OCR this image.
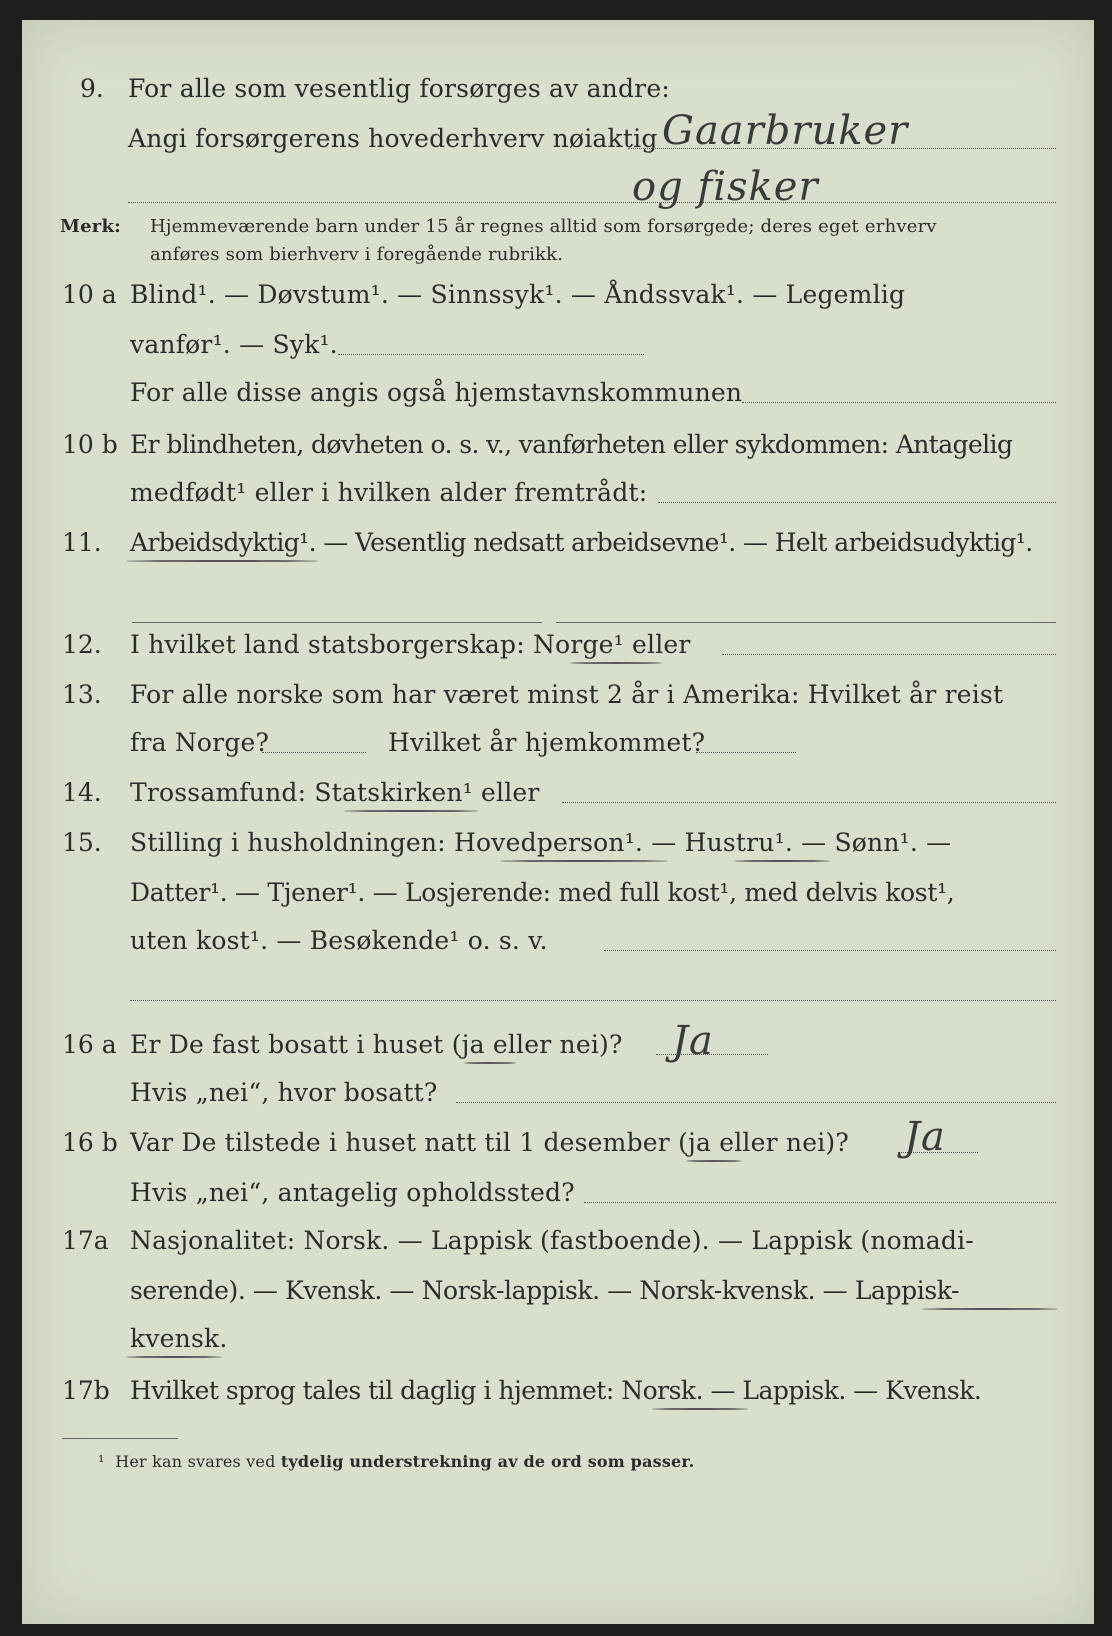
9. For alle som vesentlig forsørges av andre:
Angi forsørgerens hovederhverv nøiaktig Gaarbruker
og fisker
Merk: Hjemmeværende barn under 15 år regnes alltid som forsørgede; deres eget erhverv
anføres som bierhverv i foregående rubrikk.
10 a Blind¹. — Døvstum¹. — Sinnssyk¹. — Åndssvak¹. — Legemlig
vanfør¹. — Syk¹.
For alle disse angis også hjemstavnskommunen
10 b Er blindheten, døvheten o. s. v., vanførheten eller sykdommen: Antagelig
medfødt¹ eller i hvilken alder fremtrådt:
11. Arbeidsdyktig¹. — Vesentlig nedsatt arbeidsevne¹. — Helt arbeidsudyktig¹.
12. I hvilket land statsborgerskap: Norge¹ eller
13. For alle norske som har været minst 2 år i Amerika: Hvilket år reist
fra Norge?	Hvilket år hjemkommet?
14. Trossamfund: Statskirken¹ eller
15. Stilling i husholdningen: Hovedperson¹. — Hustru¹. — Sønn¹. —
Datter¹. — Tjener¹. — Losjerende: med full kost¹, med delvis kost¹,
uten kost¹. — Besøkende¹ o. s. v.
16 a Er De fast bosatt i huset (ja eller nei)? Ja
Hvis „nei“, hvor bosatt?
16 b Var De tilstede i huset natt til 1 desember (ja eller nei)? Ja
Hvis „nei“, antagelig opholdssted?
17a Nasjonalitet: Norsk. — Lappisk (fastboende). — Lappisk (nomadi-
serende). — Kvensk. — Norsk-lappisk. — Norsk-kvensk. — Lappisk-
kvensk.
17b Hvilket sprog tales til daglig i hjemmet: Norsk. — Lappisk. — Kvensk.
¹ Her kan svares ved tydelig understrekning av de ord som passer.
